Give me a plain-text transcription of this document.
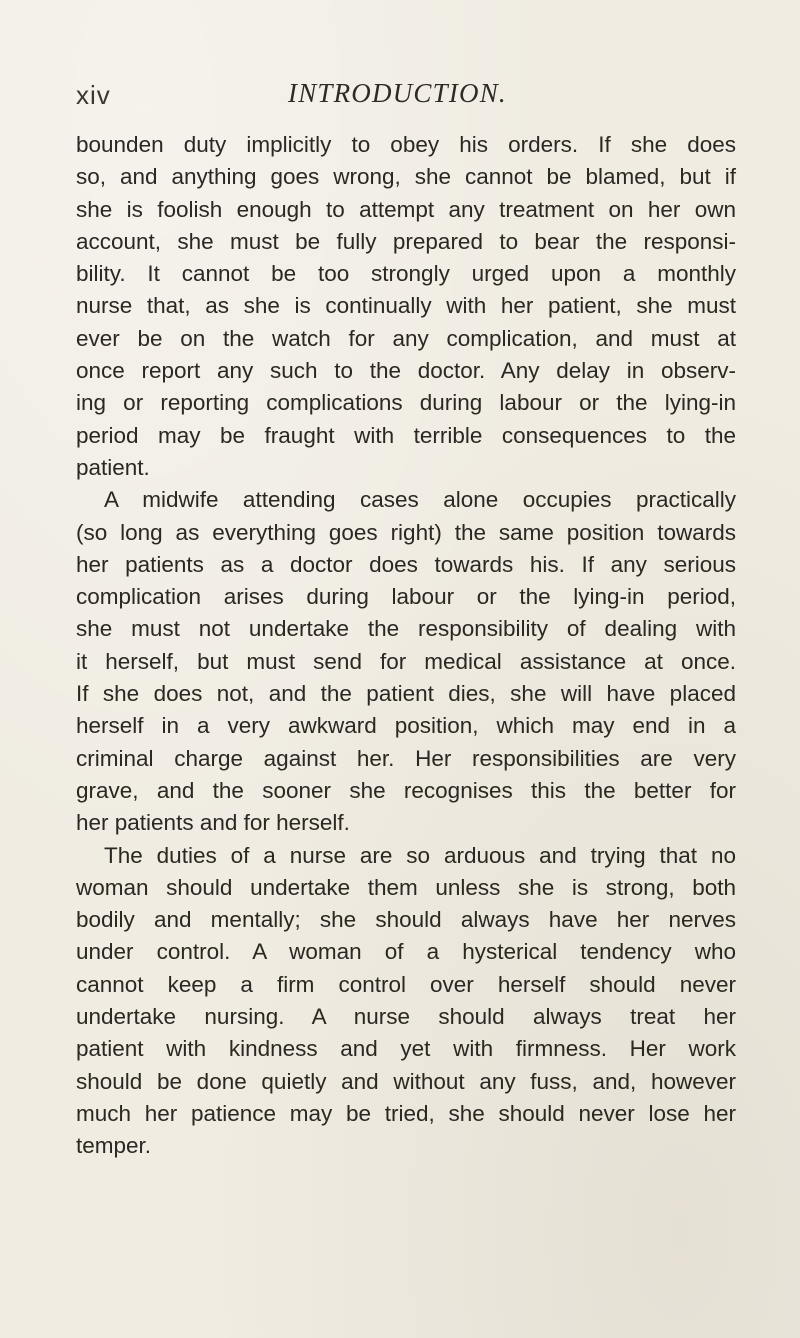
xiv	INTRODUCTION.
bounden duty implicitly to obey his orders. If she does
so, and anything goes wrong, she cannot be blamed, but if
she is foolish enough to attempt any treatment on her own
account, she must be fully prepared to bear the responsi-
bility. It cannot be too strongly urged upon a monthly
nurse that, as she is continually with her patient, she must
ever be on the watch for any complication, and must at
once report any such to the doctor. Any delay in observ-
ing or reporting complications during labour or the lying-in
period may be fraught with terrible consequences to the
patient.
A midwife attending cases alone occupies practically
(so long as everything goes right) the same position towards
her patients as a doctor does towards his. If any serious
complication arises during labour or the lying-in period,
she must not undertake the responsibility of dealing with
it herself, but must send for medical assistance at once.
If she does not, and the patient dies, she will have placed
herself in a very awkward position, which may end in a
criminal charge against her. Her responsibilities are very
grave, and the sooner she recognises this the better for
her patients and for herself.
The duties of a nurse are so arduous and trying that no
woman should undertake them unless she is strong, both
bodily and mentally; she should always have her nerves
under control. A woman of a hysterical tendency who
cannot keep a firm control over herself should never
undertake nursing. A nurse should always treat her
patient with kindness and yet with firmness. Her work
should be done quietly and without any fuss, and, however
much her patience may be tried, she should never lose her
temper.
